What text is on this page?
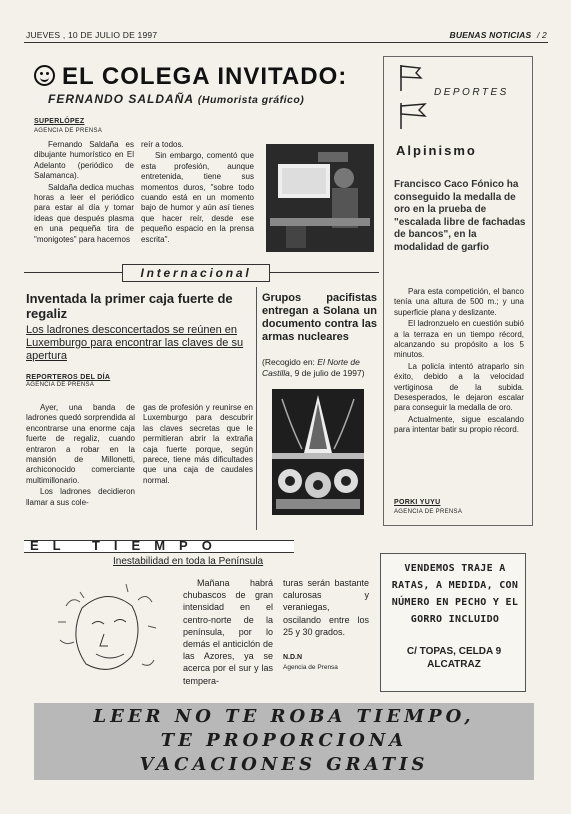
JUEVES , 10 DE JULIO DE 1997	BUENAS NOTICIAS / 2
EL COLEGA INVITADO:
FERNANDO SALDAÑA (Humorista gráfico)
SUPERLÓPEZ
AGENCIA DE PRENSA

Fernando Saldaña es dibujante humorístico en El Adelanto (periódico de Salamanca).

Saldaña dedica muchas horas a leer el periódico para estar al día y tomar ideas que después plasma en una pequeña tira de "monigotes" para hacernos

reír a todos.

Sin embargo, comentó que esta profesión, aunque entretenida, tiene sus momentos duros, "sobre todo cuando está en un momento bajo de humor y aún así tienes que hacer reír, desde ese pequeño espacio en la prensa escrita".

DEPORTES
Alpinismo
Francisco Caco Fónico ha conseguido la medalla de oro en la prueba de "escalada libre de fachadas de bancos", en la modalidad de garfio

Para esta competición, el banco tenía una altura de 500 m.; y una superficie plana y deslizante.

El ladronzuelo en cuestión subió a la terraza en un tiempo récord, alcanzando su propósito a los 5 minutos.

La policía intentó atraparlo sin éxito, debido a la velocidad vertiginosa de la subida. Desesperados, le dejaron escalar para conseguir la medalla de oro.

Actualmente, sigue escalando para intentar batir su propio récord.

PORKI YUYU
AGENCIA DE PRENSA
Internacional
Inventada la primer caja fuerte de regaliz
Los ladrones desconcertados se reúnen en Luxemburgo para encontrar las claves de su apertura
REPORTEROS DEL DÍA
AGENCIA DE PRENSA

Ayer, una banda de ladrones quedó sorprendida al encontrarse una enorme caja fuerte de regaliz, cuando entraron a robar en la mansión de Millonetti, archiconocido comerciante multimillonario.

Los ladrones decidieron llamar a sus cole-

gas de profesión y reunirse en Luxemburgo para descubrir las claves secretas que le permitieran abrir la extraña caja fuerte porque, según parece, tiene más dificultades que una caja de caudales normal.

Grupos pacifistas entregan a Solana un documento contra las armas nucleares
(Recogido en: El Norte de Castilla, 9 de julio de 1997)
EL TIEMPO
Inestabilidad en toda la Península

Mañana habrá chubascos de gran intensidad en el centro-norte de la península, por lo demás el anticiclón de las Azores, ya se acerca por el sur y las tempera-

turas serán bastante calurosas y veraniegas, oscilando entre los 25 y 30 grados.

N.D.N
Agencia de Prensa
VENDEMOS TRAJE A RATAS, A MEDIDA, CON NÚMERO EN PECHO Y EL GORRO INCLUIDO
C/ TOPAS, CELDA 9 ALCATRAZ
LEER NO TE ROBA TIEMPO,
TE PROPORCIONA
VACACIONES GRATIS
